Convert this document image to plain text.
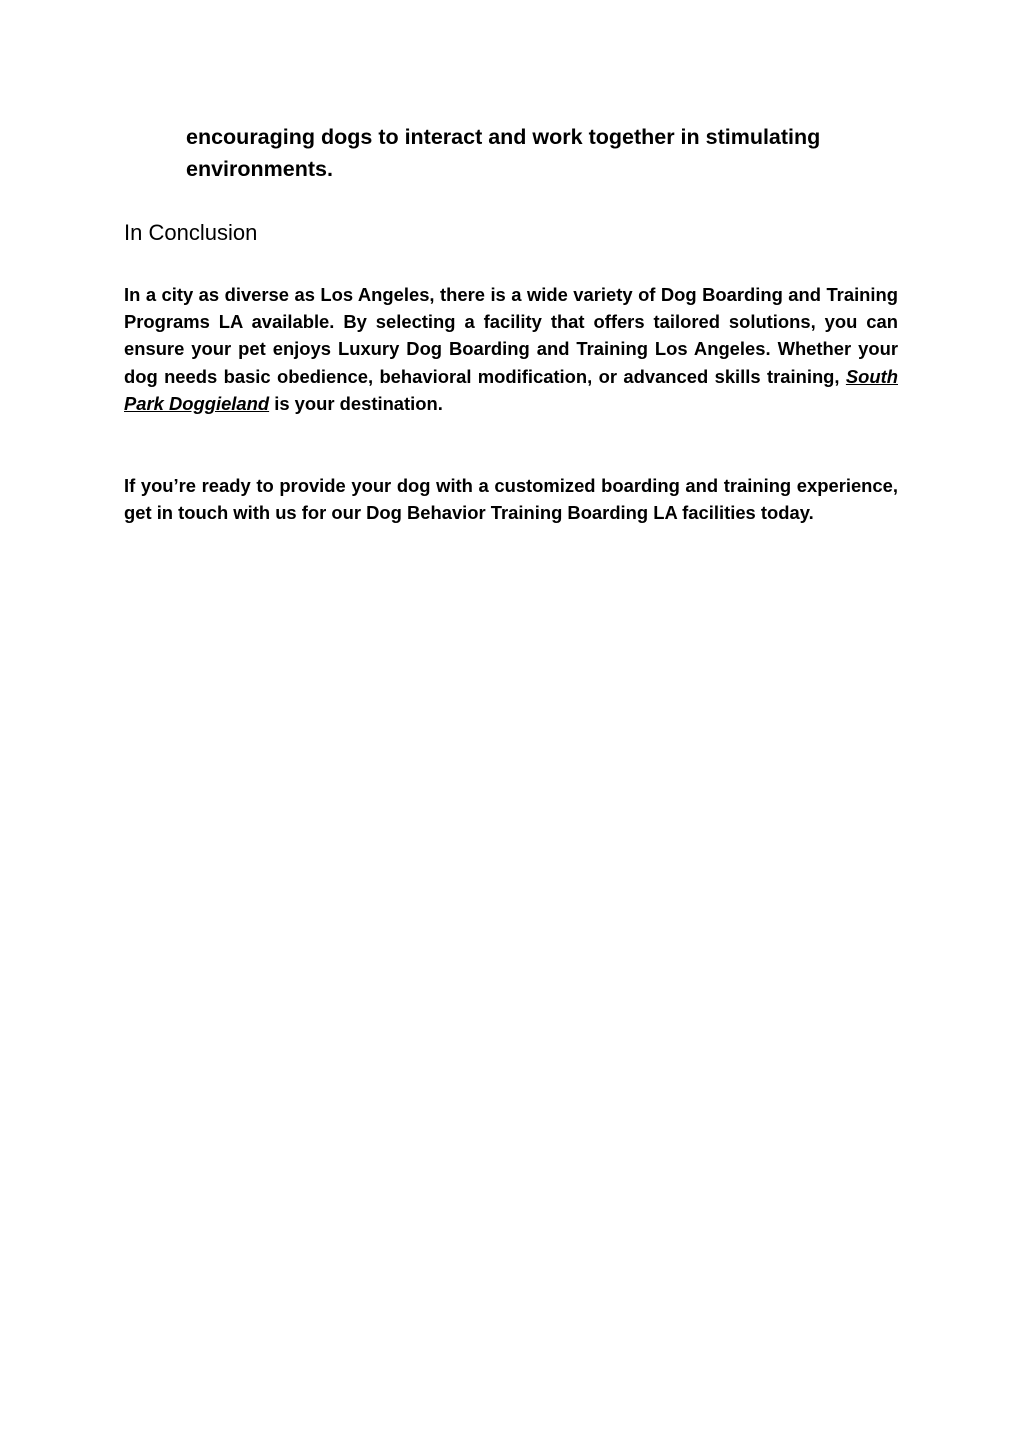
encouraging dogs to interact and work together in stimulating environments.

In Conclusion

In a city as diverse as Los Angeles, there is a wide variety of Dog Boarding and Training Programs LA available. By selecting a facility that offers tailored solutions, you can ensure your pet enjoys Luxury Dog Boarding and Training Los Angeles. Whether your dog needs basic obedience, behavioral modification, or advanced skills training, South Park Doggieland is your destination.

If you’re ready to provide your dog with a customized boarding and training experience, get in touch with us for our Dog Behavior Training Boarding LA facilities today.
